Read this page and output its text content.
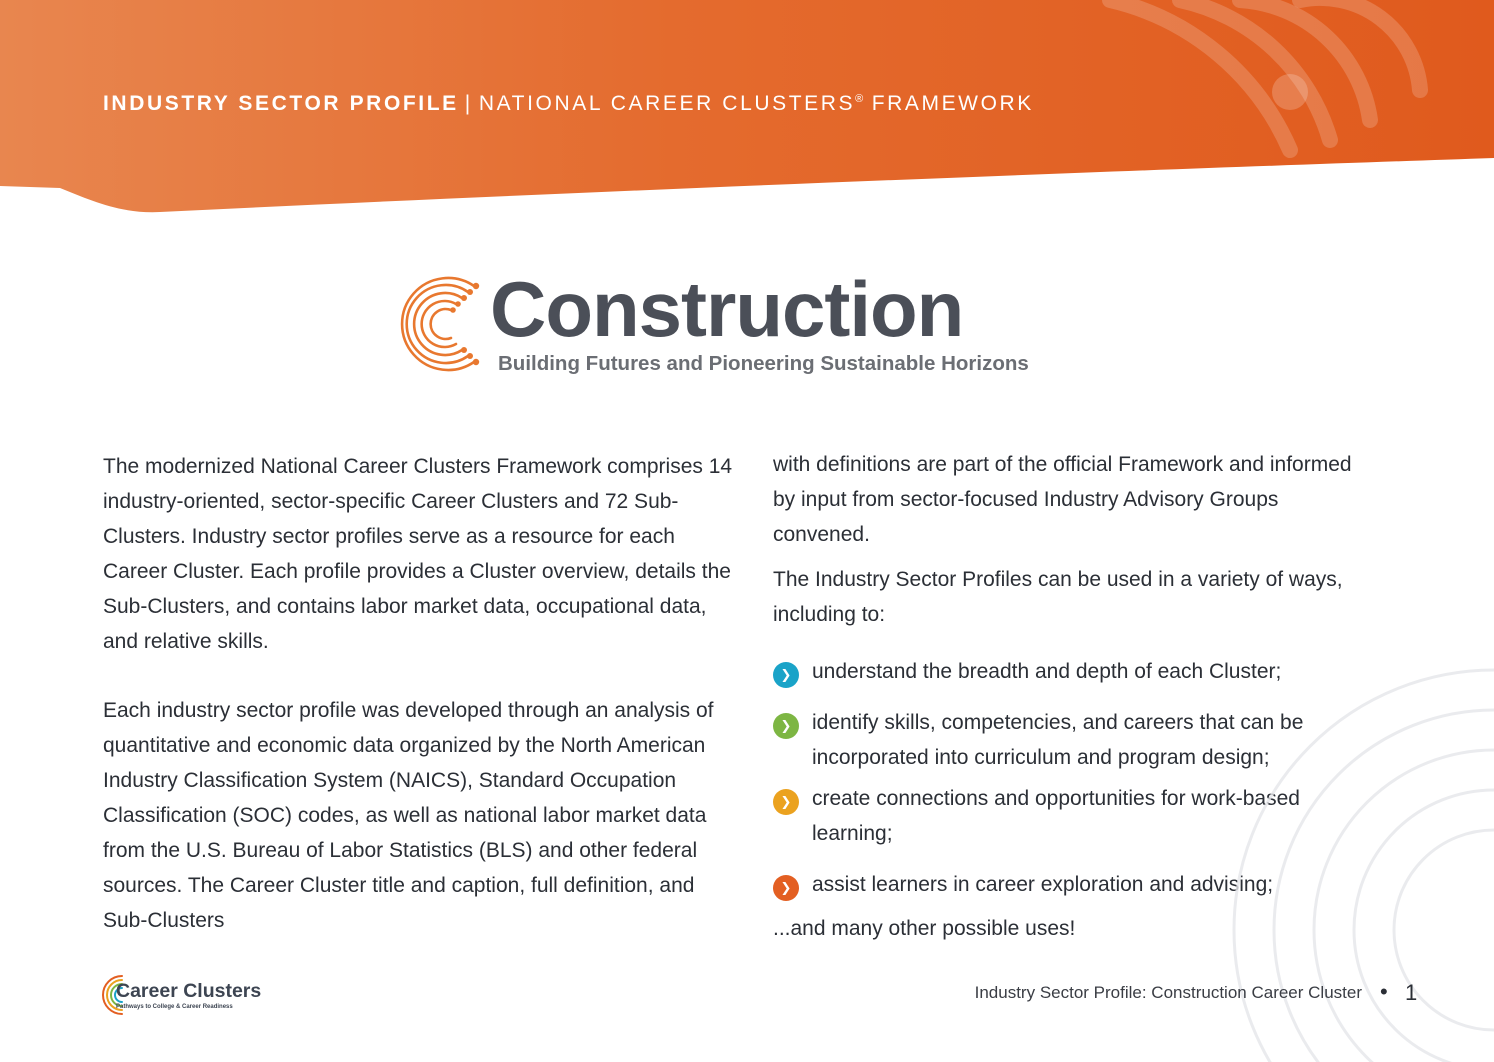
INDUSTRY SECTOR PROFILE | NATIONAL CAREER CLUSTERS® FRAMEWORK
Construction
Building Futures and Pioneering Sustainable Horizons

The modernized National Career Clusters Framework comprises 14 industry-oriented, sector-specific Career Clusters and 72 Sub-Clusters. Industry sector profiles serve as a resource for each Career Cluster. Each profile provides a Cluster overview, details the Sub-Clusters, and contains labor market data, occupational data, and relative skills.

Each industry sector profile was developed through an analysis of quantitative and economic data organized by the North American Industry Classification System (NAICS), Standard Occupation Classification (SOC) codes, as well as national labor market data from the U.S. Bureau of Labor Statistics (BLS) and other federal sources. The Career Cluster title and caption, full definition, and Sub-Clusters

with definitions are part of the official Framework and informed by input from sector-focused Industry Advisory Groups convened.

The Industry Sector Profiles can be used in a variety of ways, including to:

❯ understand the breadth and depth of each Cluster;
❯ identify skills, competencies, and careers that can be incorporated into curriculum and program design;
❯ create connections and opportunities for work-based learning;
❯ assist learners in career exploration and advising;
...and many other possible uses!
Career Clusters
Pathways to College & Career Readiness
Industry Sector Profile: Construction Career Cluster • 1
